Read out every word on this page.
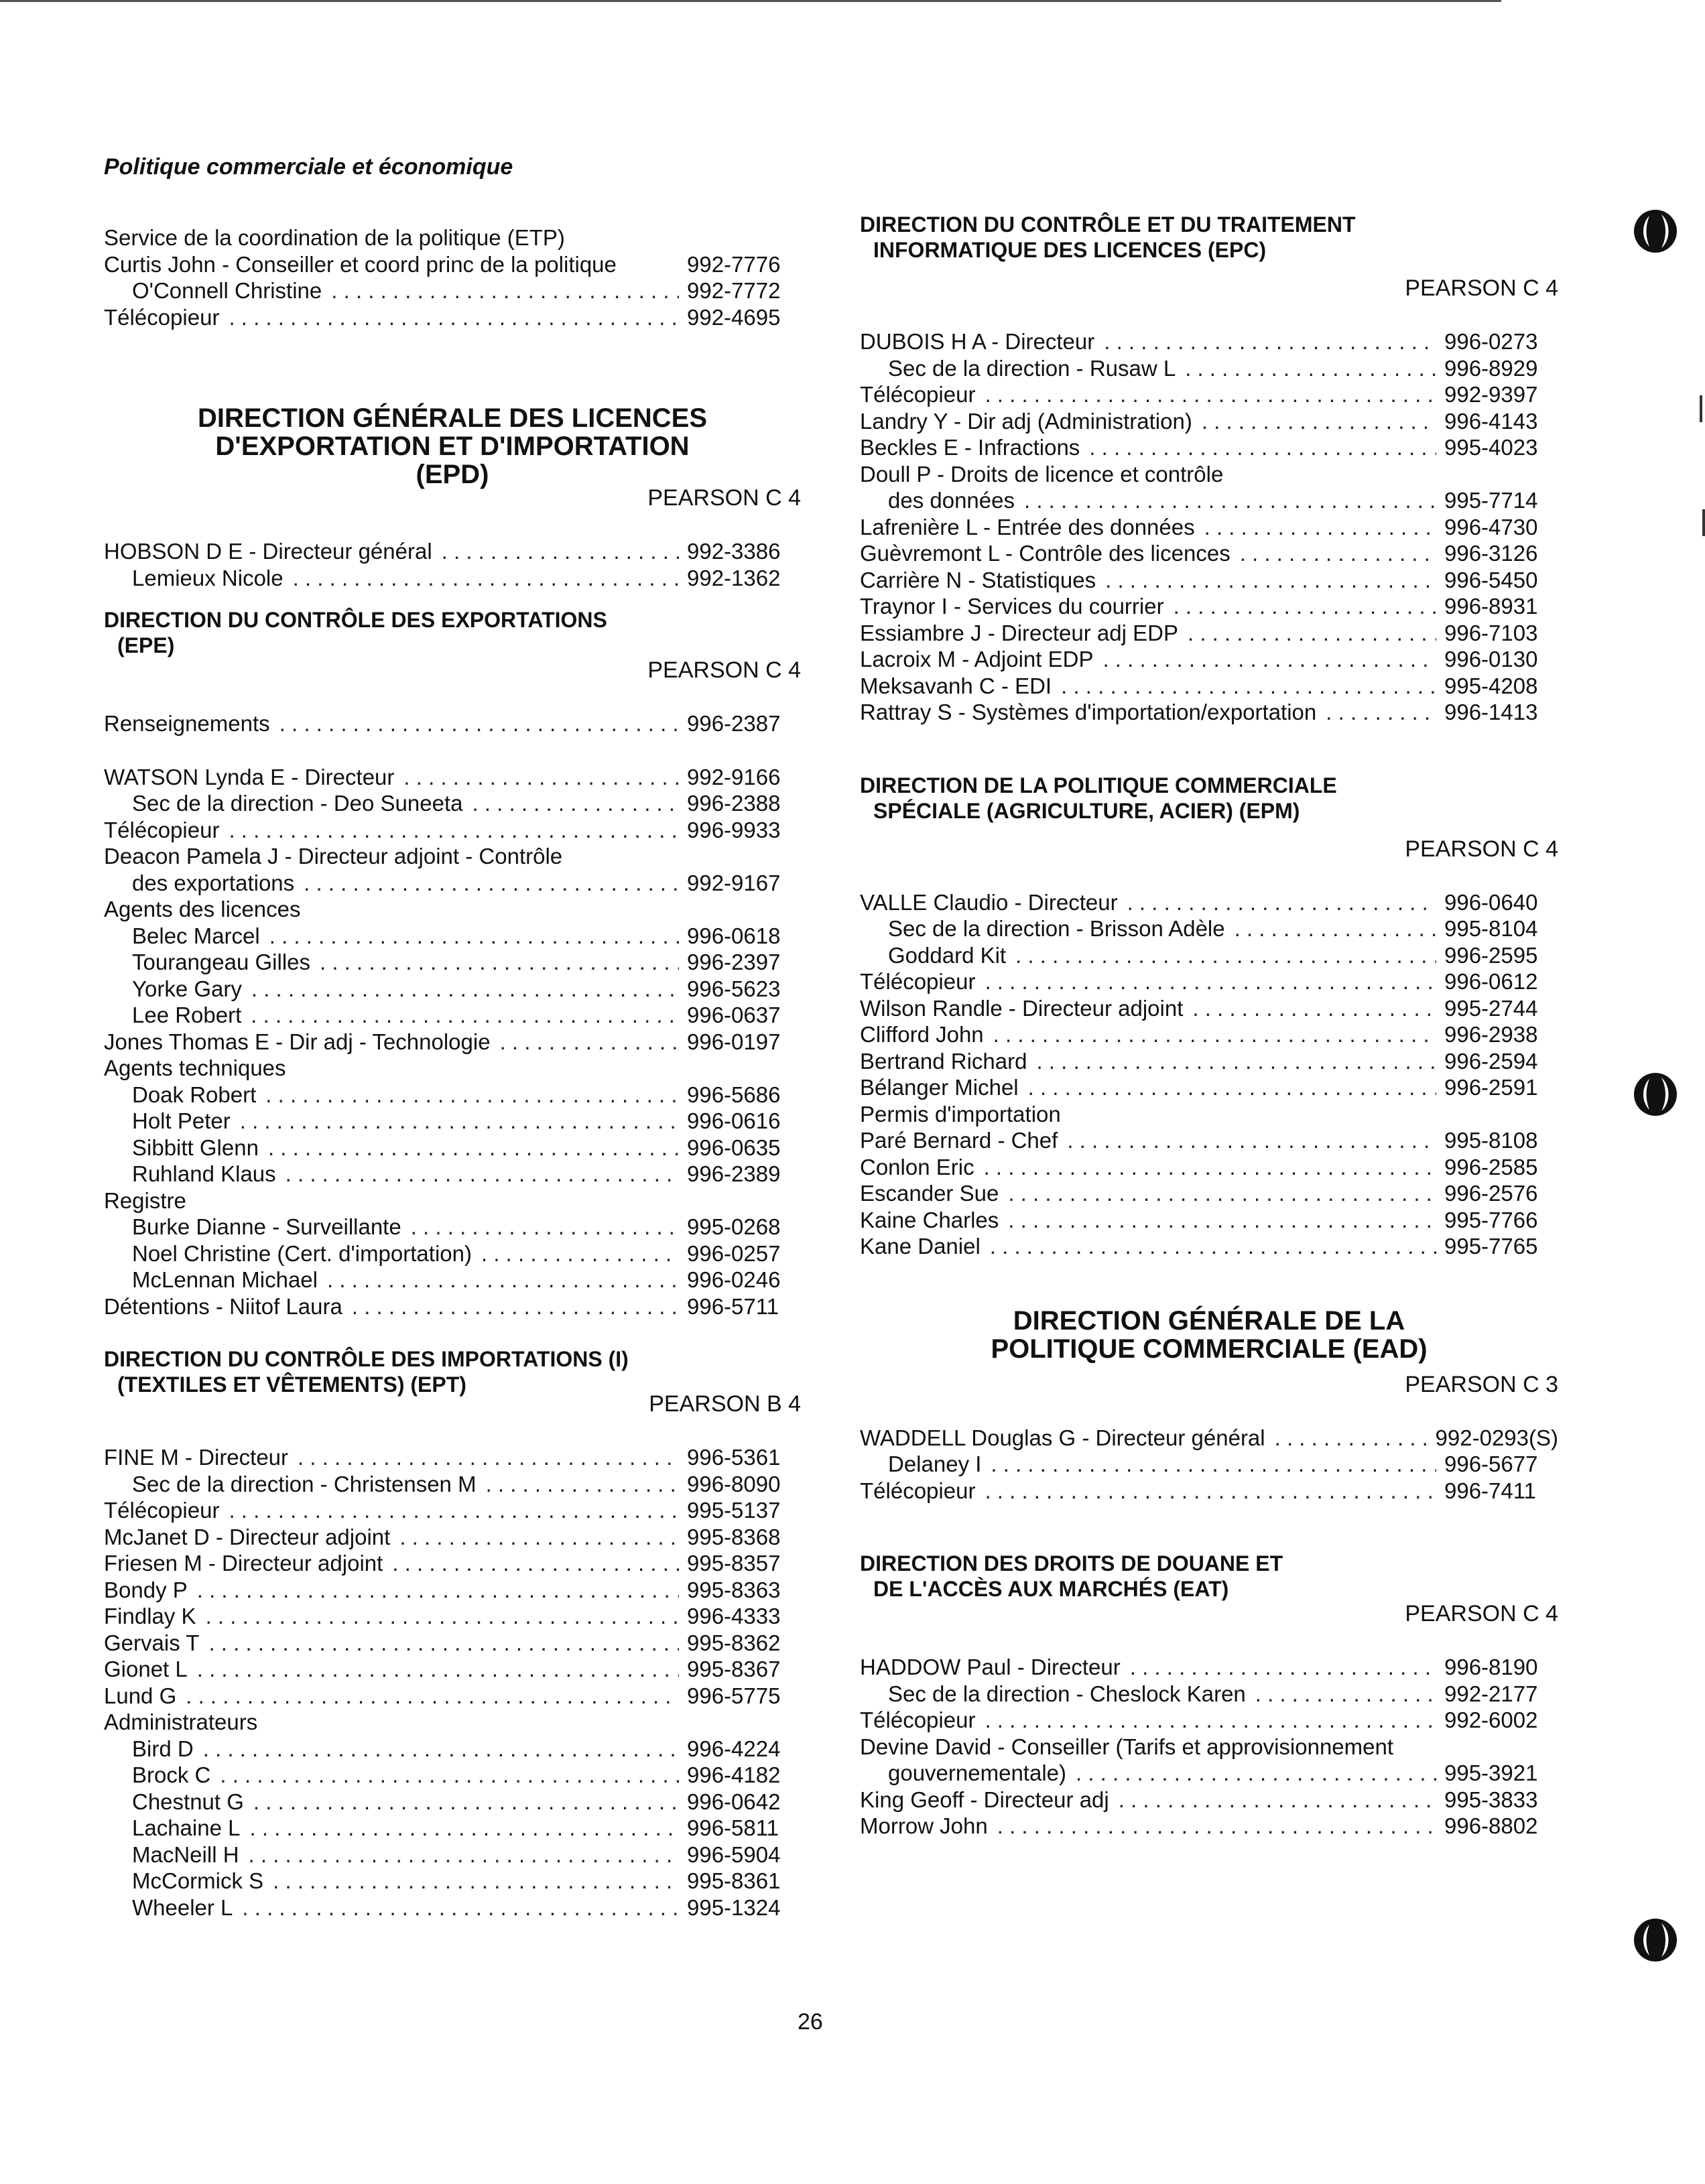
Politique commerciale et économique
Service de la coordination de la politique (ETP)
Curtis John - Conseiller et coord princ de la politique	992-7776
O'Connell Christine . . .	992-7772
Télécopieur . . .	992-4695
DIRECTION GÉNÉRALE DES LICENCES
D'EXPORTATION ET D'IMPORTATION
(EPD)
PEARSON C 4
HOBSON D E - Directeur général . . .	992-3386
Lemieux Nicole . . .	992-1362
DIRECTION DU CONTRÔLE DES EXPORTATIONS
(EPE)
PEARSON C 4
Renseignements . . .	996-2387
WATSON Lynda E - Directeur . . .	992-9166
Sec de la direction - Deo Suneeta . . .	996-2388
Télécopieur . . .	996-9933
Deacon Pamela J - Directeur adjoint - Contrôle
des exportations . . .	992-9167
Agents des licences
Belec Marcel . . .	996-0618
Tourangeau Gilles . . .	996-2397
Yorke Gary . . .	996-5623
Lee Robert . . .	996-0637
Jones Thomas E - Dir adj - Technologie . . .	996-0197
Agents techniques
Doak Robert . . .	996-5686
Holt Peter . . .	996-0616
Sibbitt Glenn . . .	996-0635
Ruhland Klaus . . .	996-2389
Registre
Burke Dianne - Surveillante . . .	995-0268
Noel Christine (Cert. d'importation) . . .	996-0257
McLennan Michael . . .	996-0246
Détentions - Niitof Laura . . .	996-5711
DIRECTION DU CONTRÔLE DES IMPORTATIONS (I)
(TEXTILES ET VÊTEMENTS) (EPT)
PEARSON B 4
FINE M - Directeur . . .	996-5361
Sec de la direction - Christensen M . . .	996-8090
Télécopieur . . .	995-5137
McJanet D - Directeur adjoint . . .	995-8368
Friesen M - Directeur adjoint . . .	995-8357
Bondy P . . .	995-8363
Findlay K . . .	996-4333
Gervais T . . .	995-8362
Gionet L . . .	995-8367
Lund G . . .	996-5775
Administrateurs
Bird D . . .	996-4224
Brock C . . .	996-4182
Chestnut G . . .	996-0642
Lachaine L . . .	996-5811
MacNeill H . . .	996-5904
McCormick S . . .	995-8361
Wheeler L . . .	995-1324
DIRECTION DU CONTRÔLE ET DU TRAITEMENT
INFORMATIQUE DES LICENCES (EPC)
PEARSON C 4
DUBOIS H A - Directeur . . .	996-0273
Sec de la direction - Rusaw L . . .	996-8929
Télécopieur . . .	992-9397
Landry Y - Dir adj (Administration) . . .	996-4143
Beckles E - Infractions . . .	995-4023
Doull P - Droits de licence et contrôle
des données . . .	995-7714
Lafrenière L - Entrée des données . . .	996-4730
Guèvremont L - Contrôle des licences . . .	996-3126
Carrière N - Statistiques . . .	996-5450
Traynor I - Services du courrier . . .	996-8931
Essiambre J - Directeur adj EDP . . .	996-7103
Lacroix M - Adjoint EDP . . .	996-0130
Meksavanh C - EDI . . .	995-4208
Rattray S - Systèmes d'importation/exportation . . .	996-1413
DIRECTION DE LA POLITIQUE COMMERCIALE
SPÉCIALE (AGRICULTURE, ACIER) (EPM)
PEARSON C 4
VALLE Claudio - Directeur . . .	996-0640
Sec de la direction - Brisson Adèle . . .	995-8104
Goddard Kit . . .	996-2595
Télécopieur . . .	996-0612
Wilson Randle - Directeur adjoint . . .	995-2744
Clifford John . . .	996-2938
Bertrand Richard . . .	996-2594
Bélanger Michel . . .	996-2591
Permis d'importation
Paré Bernard - Chef . . .	995-8108
Conlon Eric . . .	996-2585
Escander Sue . . .	996-2576
Kaine Charles . . .	995-7766
Kane Daniel . . .	995-7765
DIRECTION GÉNÉRALE DE LA
POLITIQUE COMMERCIALE (EAD)
PEARSON C 3
WADDELL Douglas G - Directeur général . . .	992-0293(S)
Delaney I . . .	996-5677
Télécopieur . . .	996-7411
DIRECTION DES DROITS DE DOUANE ET
DE L'ACCÈS AUX MARCHÉS (EAT)
PEARSON C 4
HADDOW Paul - Directeur . . .	996-8190
Sec de la direction - Cheslock Karen . . .	992-2177
Télécopieur . . .	992-6002
Devine David - Conseiller (Tarifs et approvisionnement
gouvernementale) . . .	995-3921
King Geoff - Directeur adj . . .	995-3833
Morrow John . . .	996-8802
26
